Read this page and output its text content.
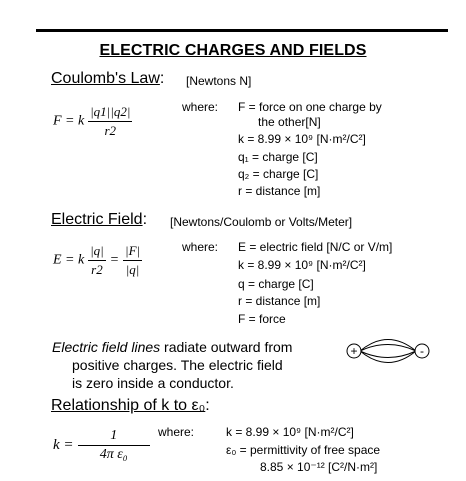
ELECTRIC CHARGES AND FIELDS
Coulomb's Law: [Newtons N]
F = k $\frac{|q1||q2|}{r2}$	where: F = force on one charge by
the other[N]
k = 8.99 × 10⁹ [N·m²/C²]
q₁ = charge [C]
q₂ = charge [C]
r = distance [m]
Electric Field: [Newtons/Coulomb or Volts/Meter]
E = k $\frac{|q|}{r2} = \frac{|F|}{|q|}$	where: E = electric field [N/C or V/m]
k = 8.99 × 10⁹ [N·m²/C²]
q = charge [C]
r = distance [m]
F = force
Electric field lines radiate outward from
positive charges. The electric field
is zero inside a conductor.
+	-
Relationship of k to ε₀:
$k = \frac{1}{\text{4π ε₀}}$ where:	k = 8.99 × 10⁹ [N·m²/C²]
ε₀ = permittivity of free space
8.85 × 10⁻¹² [C²/N·m²]
